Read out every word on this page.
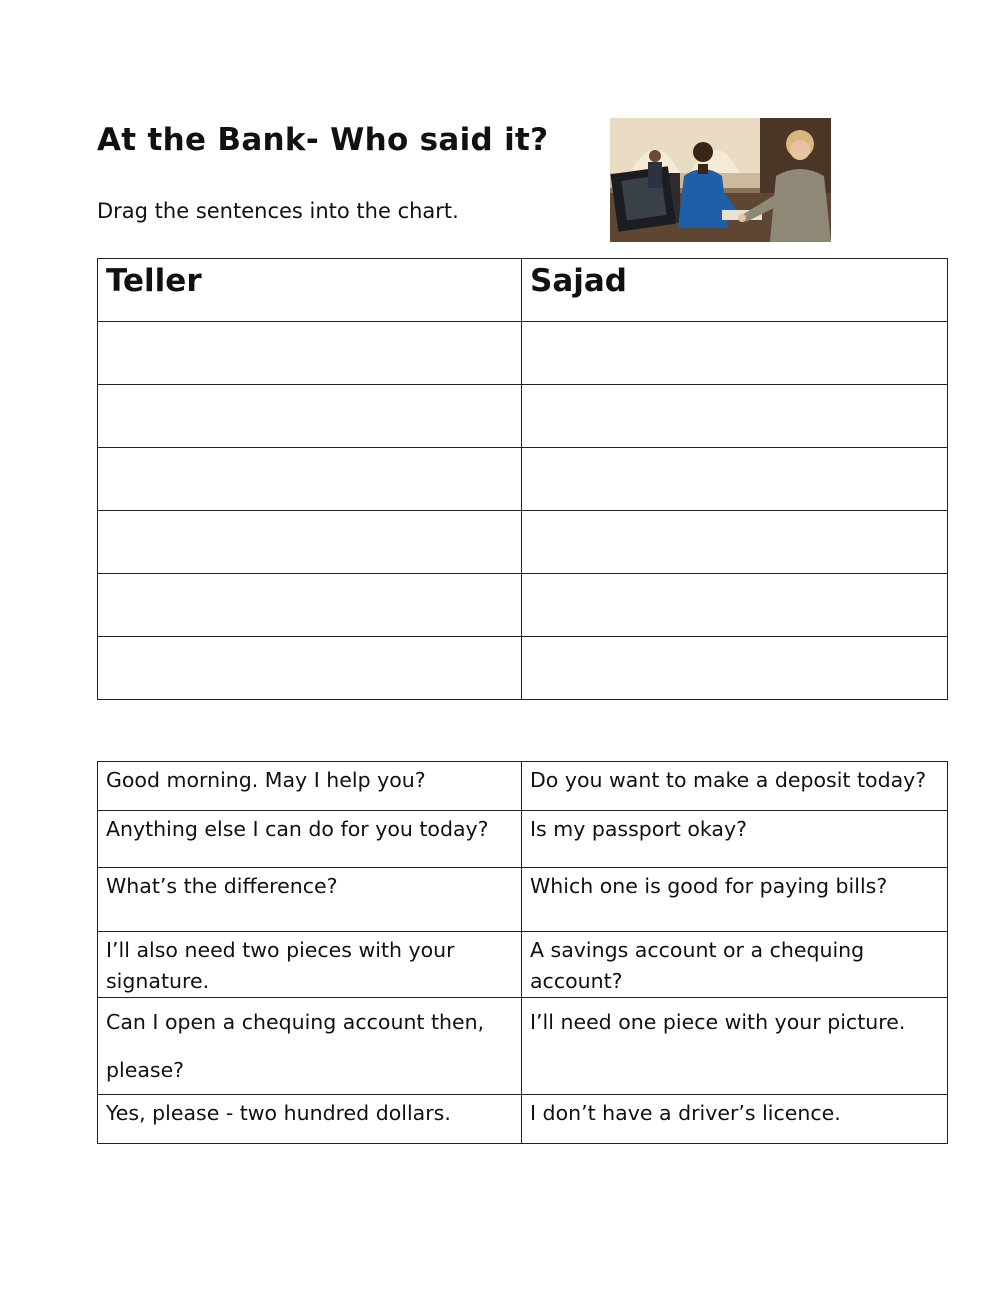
At the Bank- Who said it?

Drag the sentences into the chart.

Teller	Sajad

Good morning. May I help you?	Do you want to make a deposit today?
Anything else I can do for you today?	Is my passport okay?
What’s the difference?	Which one is good for paying bills?
I’ll also need two pieces with your signature.	A savings account or a chequing account?
Can I open a chequing account then, please?	I’ll need one piece with your picture.
Yes, please - two hundred dollars.	I don’t have a driver’s licence.
